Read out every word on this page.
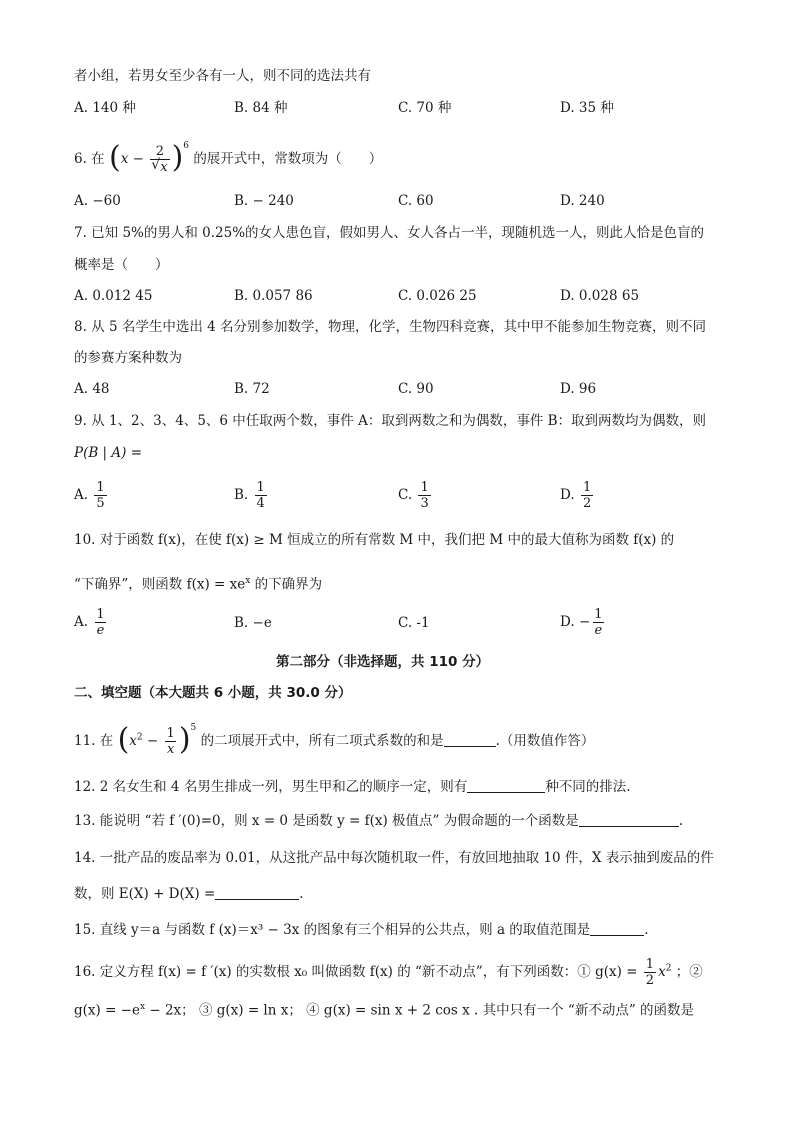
者小组，若男女至少各有一人，则不同的选法共有
A. 140 种	B. 84 种	C. 70 种	D. 35 种
6. 在 (x − 2
√ x )$^6$ 的展开式中，常数项为（　　）
A. −60	B. − 240	C. 60	D. 240
7. 已知 5%的男人和 0.25%的女人患色盲，假如男人、女人各占一半，现随机选一人，则此人恰是色盲的
概率是（　　）
A. 0.012 45	B. 0.057 86	C. 0.026 25	D. 0.028 65
8. 从 5 名学生中选出 4 名分别参加数学，物理，化学，生物四科竞赛，其中甲不能参加生物竞赛，则不同
的参赛方案种数为
A. 48	B. 72	C. 90	D. 96
9. 从 1、2、3、4、5、6 中任取两个数，事件 A：取到两数之和为偶数，事件 B：取到两数均为偶数，则
P(B | A) =
A. $\frac{1}{5}$	B. $\frac{1}{4}$	C. $\frac{1}{3}$	D. $\frac{1}{2}$
10. 对于函数 f(x)，在使 f(x) ≥ M 恒成立的所有常数 M 中，我们把 M 中的最大值称为函数 f(x) 的
“下确界”，则函数 $f(x) = xe^x$ 的下确界为
A. $\frac{1}{e}$	B. −e	C. -1	D. − $\frac{1}{e}$
第二部分（非选择题，共 110 分）
二、填空题（本大题共 6 小题，共 30.0 分）
11. 在 $(x^2 - \frac{1}{x} )^5$ 的二项展开式中，所有二项式系数的和是	.（用数值作答）
12. 2 名女生和 4 名男生排成一列，男生甲和乙的顺序一定，则有	种不同的排法.
13. 能说明 “若 f ′(0)=0，则 x = 0 是函数 y = f(x) 极值点” 为假命题的一个函数是	.
14. 一批产品的废品率为 0.01，从这批产品中每次随机取一件，有放回地抽取 10 件，X 表示抽到废品的件
数，则 E(X) + D(X) =	.
15. 直线 y＝a 与函数 f (x)＝x³ − 3x 的图象有三个相异的公共点，则 a 的取值范围是	.
16. 定义方程 f(x) = f ′(x) 的实数根 x₀ 叫做函数 f(x) 的 “新不动点”，有下列函数：① $g(x) = \frac{1}{2} x^2$ ；②
$g(x) = -e^x - 2x$； ③ g(x) = ln x； ④ g(x) = sin x + 2 cos x . 其中只有一个 “新不动点” 的函数是
